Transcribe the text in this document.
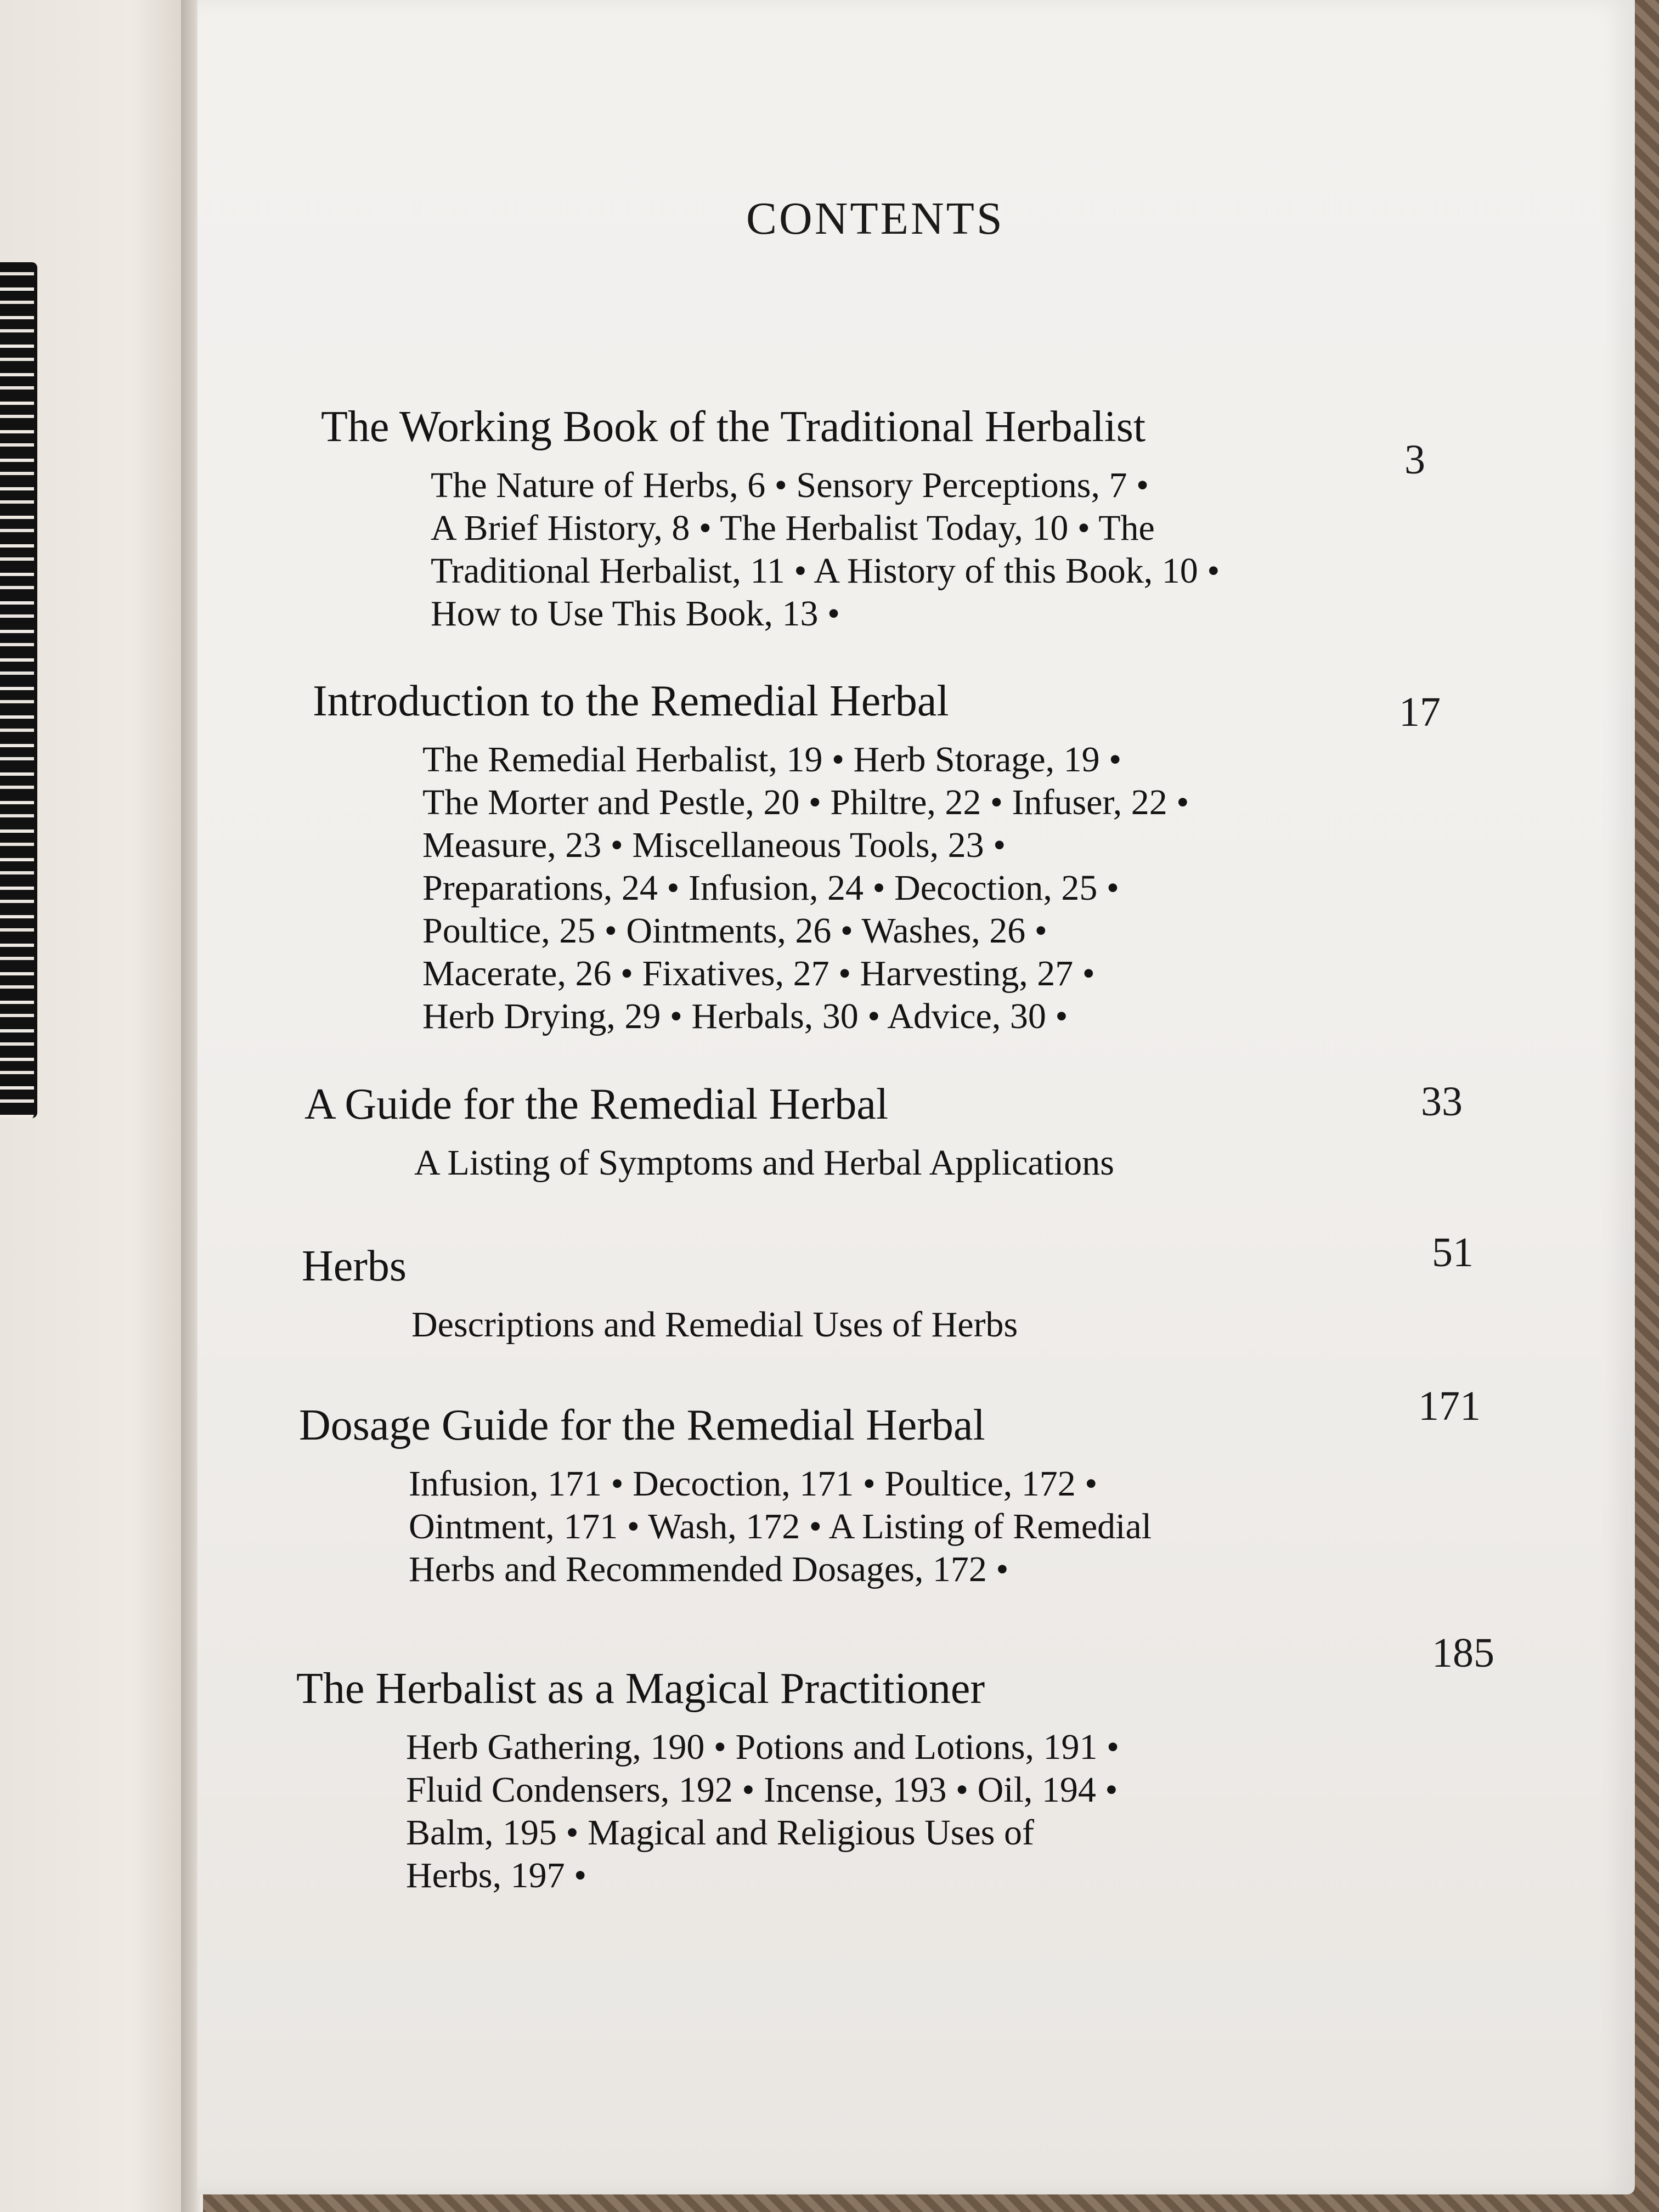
CONTENTS
The Working Book of the Traditional Herbalist
The Nature of Herbs, 6 • Sensory Perceptions, 7 •
A Brief History, 8 • The Herbalist Today, 10 • The
Traditional Herbalist, 11 • A History of this Book, 10 •
How to Use This Book, 13 •
3
Introduction to the Remedial Herbal
The Remedial Herbalist, 19 • Herb Storage, 19 •
The Morter and Pestle, 20 • Philtre, 22 • Infuser, 22 •
Measure, 23 • Miscellaneous Tools, 23 •
Preparations, 24 • Infusion, 24 • Decoction, 25 •
Poultice, 25 • Ointments, 26 • Washes, 26 •
Macerate, 26 • Fixatives, 27 • Harvesting, 27 •
Herb Drying, 29 • Herbals, 30 • Advice, 30 •
17
A Guide for the Remedial Herbal
A Listing of Symptoms and Herbal Applications
33
Herbs
Descriptions and Remedial Uses of Herbs
51
Dosage Guide for the Remedial Herbal
Infusion, 171 • Decoction, 171 • Poultice, 172 •
Ointment, 171 • Wash, 172 • A Listing of Remedial
Herbs and Recommended Dosages, 172 •
171
The Herbalist as a Magical Practitioner
Herb Gathering, 190 • Potions and Lotions, 191 •
Fluid Condensers, 192 • Incense, 193 • Oil, 194 •
Balm, 195 • Magical and Religious Uses of
Herbs, 197 •
185
